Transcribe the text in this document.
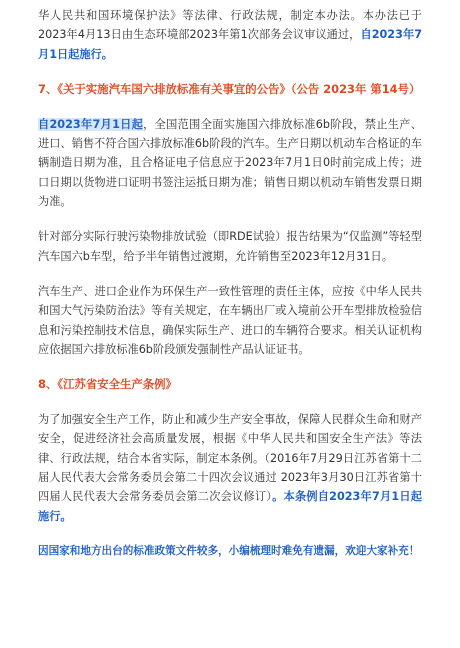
华人民共和国环境保护法》等法律、行政法规，制定本办法。本办法已于2023年4月13日由生态环境部2023年第1次部务会议审议通过，自2023年7月1日起施行。

7、《关于实施汽车国六排放标准有关事宜的公告》（公告 2023年 第14号）

自2023年7月1日起，全国范围全面实施国六排放标准6b阶段，禁止生产、进口、销售不符合国六排放标准6b阶段的汽车。生产日期以机动车合格证的车辆制造日期为准，且合格证电子信息应于2023年7月1日0时前完成上传；进口日期以货物进口证明书签注运抵日期为准；销售日期以机动车销售发票日期为准。

针对部分实际行驶污染物排放试验（即RDE试验）报告结果为“仅监测”等轻型汽车国六b车型，给予半年销售过渡期，允许销售至2023年12月31日。

汽车生产、进口企业作为环保生产一致性管理的责任主体，应按《中华人民共和国大气污染防治法》等有关规定，在车辆出厂或入境前公开车型排放检验信息和污染控制技术信息，确保实际生产、进口的车辆符合要求。相关认证机构应依据国六排放标准6b阶段颁发强制性产品认证证书。

8、《江苏省安全生产条例》

为了加强安全生产工作，防止和减少生产安全事故，保障人民群众生命和财产安全，促进经济社会高质量发展，根据《中华人民共和国安全生产法》等法律、行政法规，结合本省实际，制定本条例。（2016年7月29日江苏省第十二届人民代表大会常务委员会第二十四次会议通过 2023年3月30日江苏省第十四届人民代表大会常务委员会第二次会议修订）。本条例自2023年7月1日起施行。

因国家和地方出台的标准政策文件较多，小编梳理时难免有遗漏，欢迎大家补充！
